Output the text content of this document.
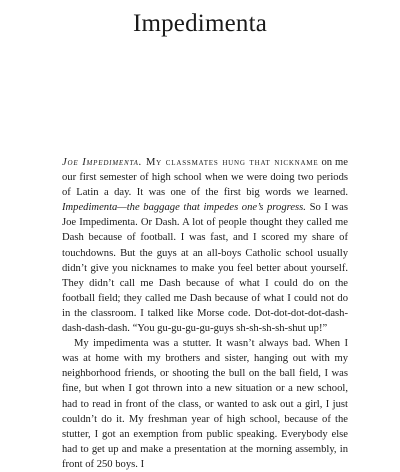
Impedimenta

Joe Impedimenta. My classmates hung that nickname on me our first semester of high school when we were doing two periods of Latin a day. It was one of the first big words we learned. Impedimenta—the baggage that impedes one’s progress. So I was Joe Impedimenta. Or Dash. A lot of people thought they called me Dash because of football. I was fast, and I scored my share of touchdowns. But the guys at an all-boys Catholic school usually didn’t give you nicknames to make you feel better about yourself. They didn’t call me Dash because of what I could do on the football field; they called me Dash because of what I could not do in the classroom. I talked like Morse code. Dot-dot-dot-dot-dash-dash-dash-dash. “You gu-gu-gu-gu-guys sh-sh-sh-sh-shut up!”

My impedimenta was a stutter. It wasn’t always bad. When I was at home with my brothers and sister, hanging out with my neighborhood friends, or shooting the bull on the ball field, I was fine, but when I got thrown into a new situation or a new school, had to read in front of the class, or wanted to ask out a girl, I just couldn’t do it. My freshman year of high school, because of the stutter, I got an exemption from public speaking. Everybody else had to get up and make a presentation at the morning assembly, in front of 250 boys. I
